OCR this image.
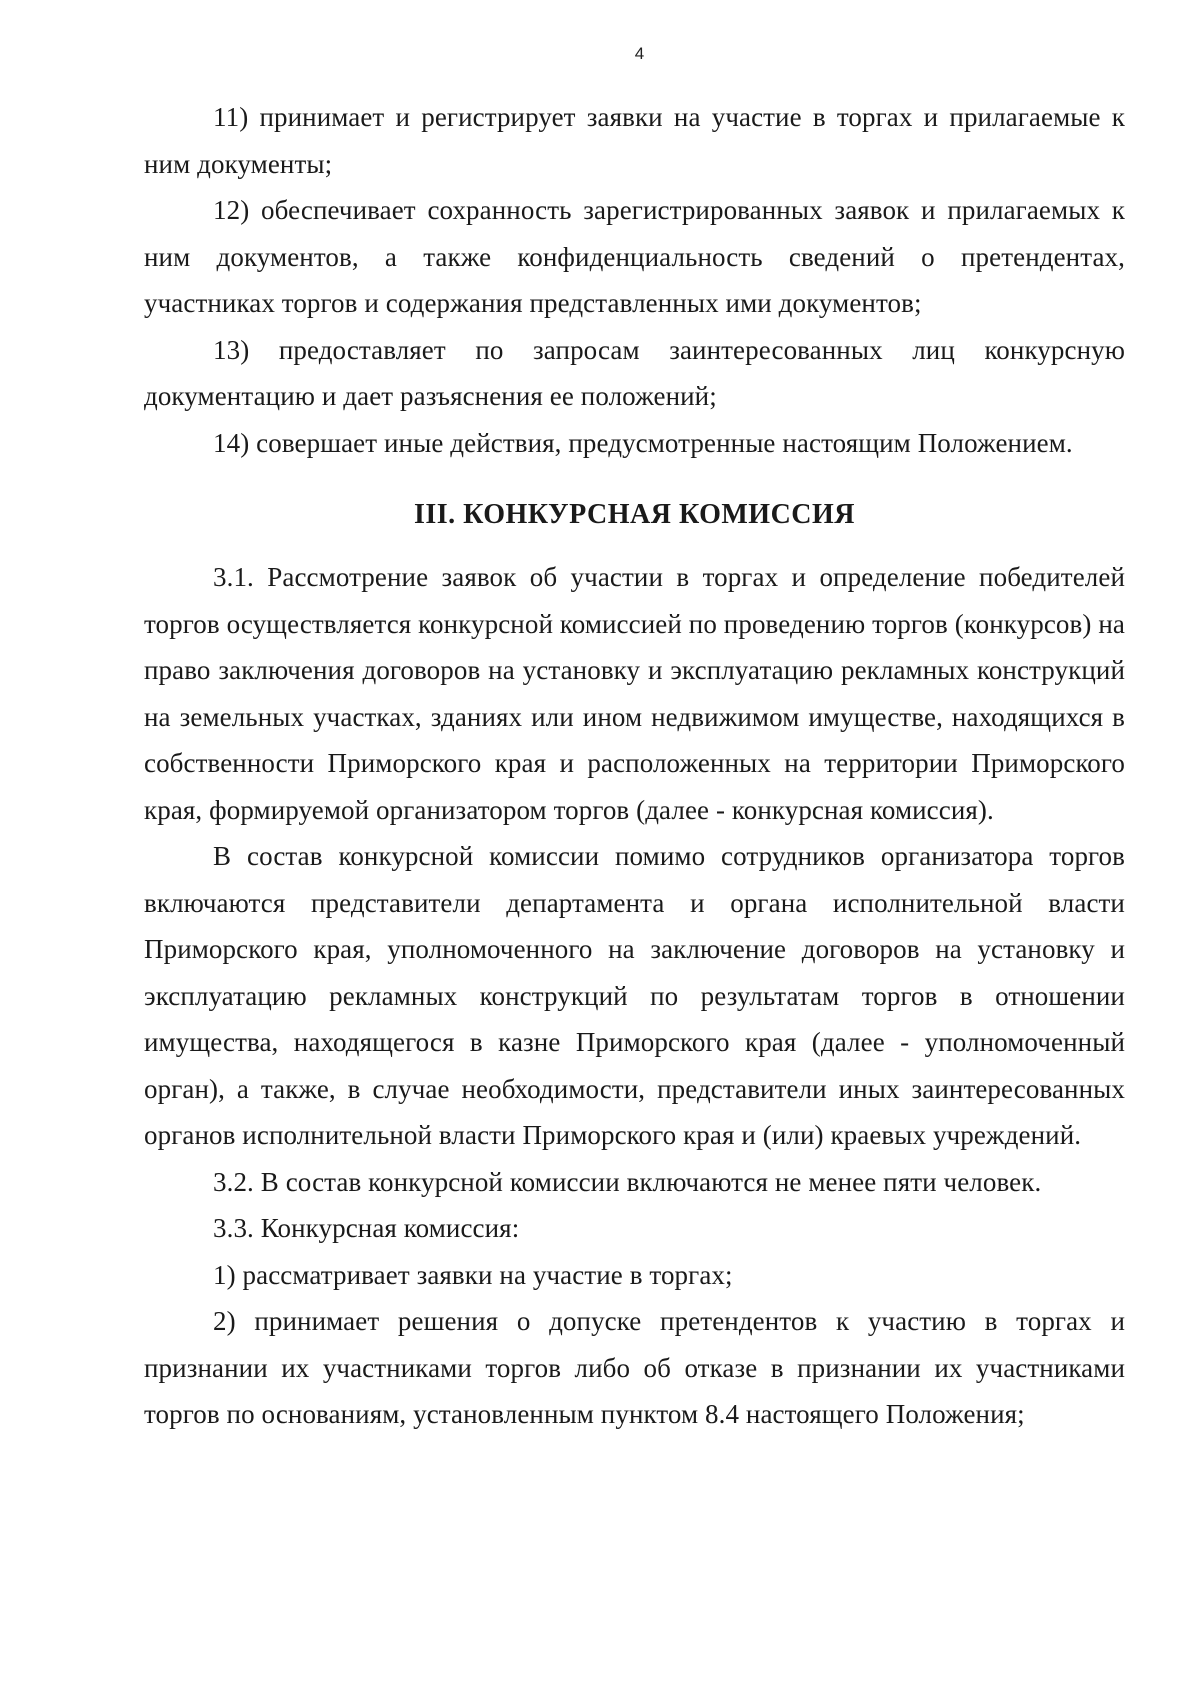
4

11) принимает и регистрирует заявки на участие в торгах и прилагаемые к ним документы;

12) обеспечивает сохранность зарегистрированных заявок и прилагаемых к ним документов, а также конфиденциальность сведений о претендентах, участниках торгов и содержания представленных ими документов;

13) предоставляет по запросам заинтересованных лиц конкурсную документацию и дает разъяснения ее положений;

14) совершает иные действия, предусмотренные настоящим Положением.

III. КОНКУРСНАЯ КОМИССИЯ

3.1. Рассмотрение заявок об участии в торгах и определение победителей торгов осуществляется конкурсной комиссией по проведению торгов (конкурсов) на право заключения договоров на установку и эксплуатацию рекламных конструкций на земельных участках, зданиях или ином недвижимом имуществе, находящихся в собственности Приморского края и расположенных на территории Приморского края, формируемой организатором торгов (далее - конкурсная комиссия).

В состав конкурсной комиссии помимо сотрудников организатора торгов включаются представители департамента и органа исполнительной власти Приморского края, уполномоченного на заключение договоров на установку и эксплуатацию рекламных конструкций по результатам торгов в отношении имущества, находящегося в казне Приморского края (далее - уполномоченный орган), а также, в случае необходимости, представители иных заинтересованных органов исполнительной власти Приморского края и (или) краевых учреждений.

3.2. В состав конкурсной комиссии включаются не менее пяти человек.

3.3. Конкурсная комиссия:

1) рассматривает заявки на участие в торгах;

2) принимает решения о допуске претендентов к участию в торгах и признании их участниками торгов либо об отказе в признании их участниками торгов по основаниям, установленным пунктом 8.4 настоящего Положения;
